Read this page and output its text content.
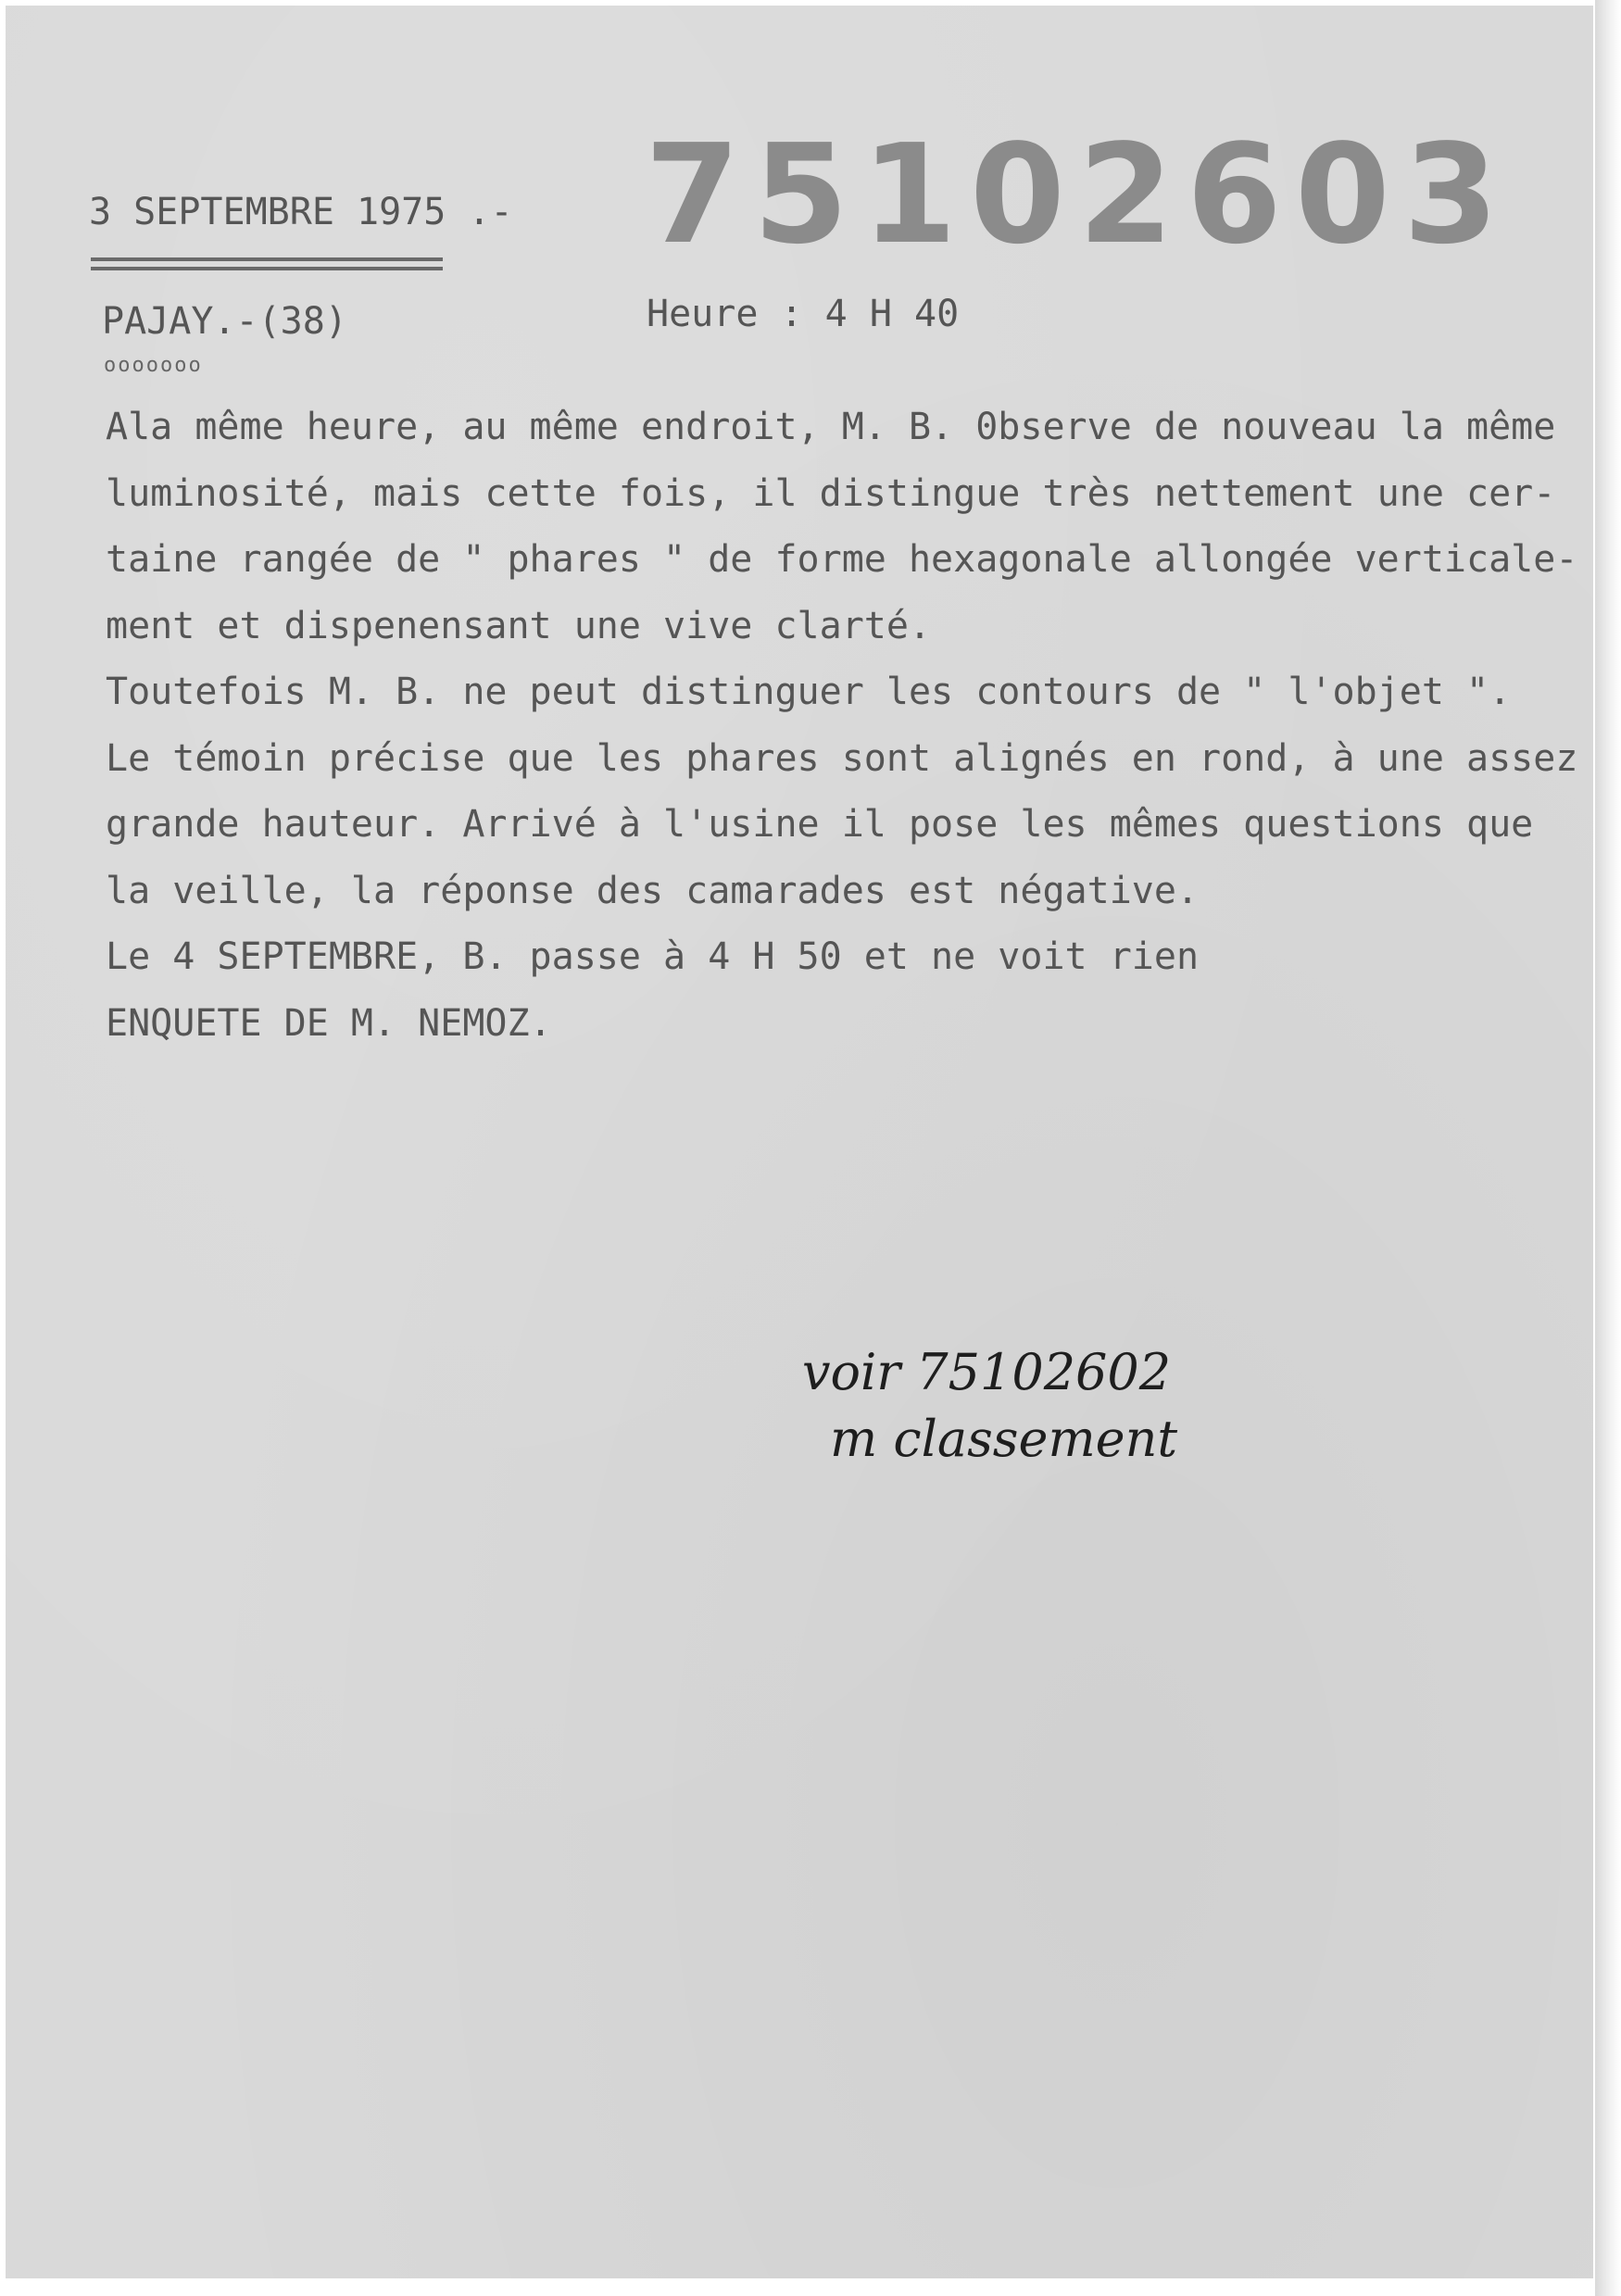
3 SEPTEMBRE 1975 .- 75102603
PAJAY.-(38)
ooooooo
Heure : 4 H 40
Ala même heure, au même endroit, M. B. 0bserve de nouveau la même
luminosité, mais cette fois, il distingue très nettement une cer-
taine rangée de " phares " de forme hexagonale allongée verticale-
ment et dispenensant une vive clarté.
Toutefois M. B. ne peut distinguer les contours de " l'objet ".
Le témoin précise que les phares sont alignés en rond, à une assez
grande hauteur. Arrivé à l'usine il pose les mêmes questions que
la veille, la réponse des camarades est négative.
Le 4 SEPTEMBRE, B. passe à 4 H 50 et ne voit rien
ENQUETE DE M. NEMOZ.
voir 75102602
m classement
